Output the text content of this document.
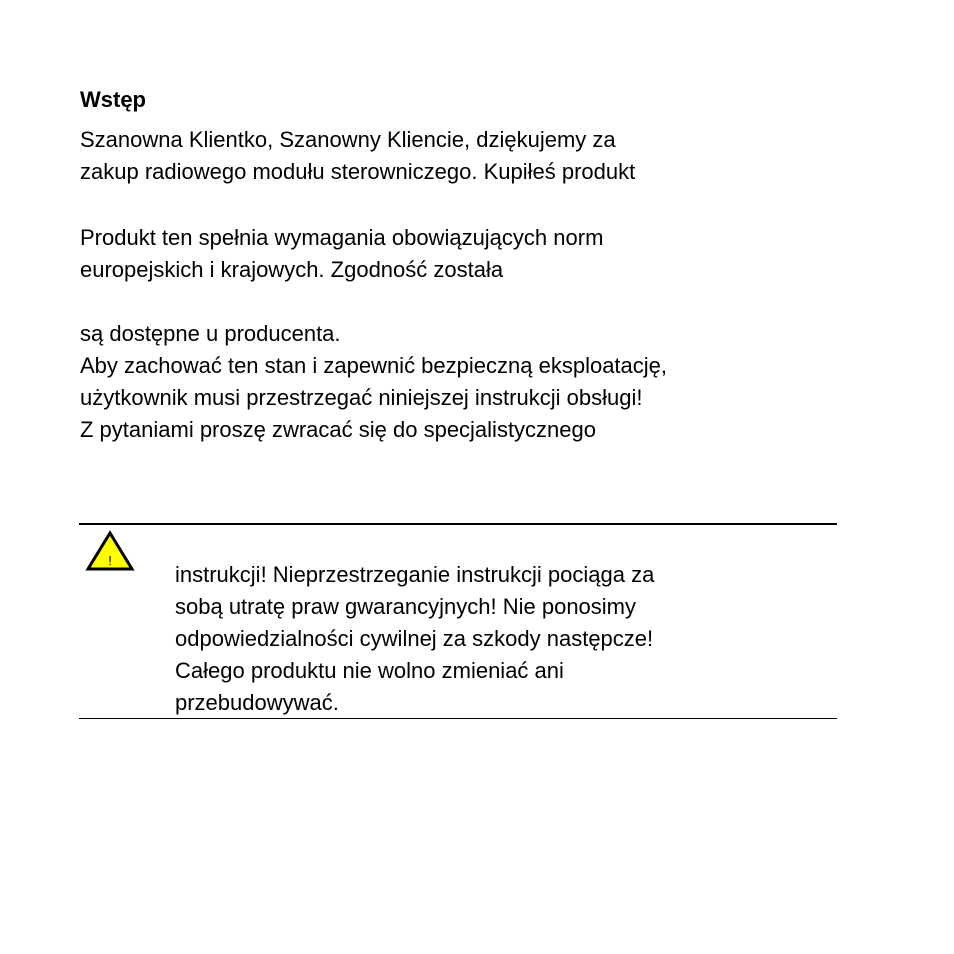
Wstęp
Szanowna Klientko, Szanowny Kliencie, dziękujemy za
zakup radiowego modułu sterowniczego. Kupiłeś produkt
Produkt ten spełnia wymagania obowiązujących norm
europejskich i krajowych. Zgodność została
są dostępne u producenta.
Aby zachować ten stan i zapewnić bezpieczną eksploatację,
użytkownik musi przestrzegać niniejszej instrukcji obsługi!
Z pytaniami proszę zwracać się do specjalistycznego
!
instrukcji! Nieprzestrzeganie instrukcji pociąga za
sobą utratę praw gwarancyjnych! Nie ponosimy
odpowiedzialności cywilnej za szkody następcze!
Całego produktu nie wolno zmieniać ani
przebudowywać.
